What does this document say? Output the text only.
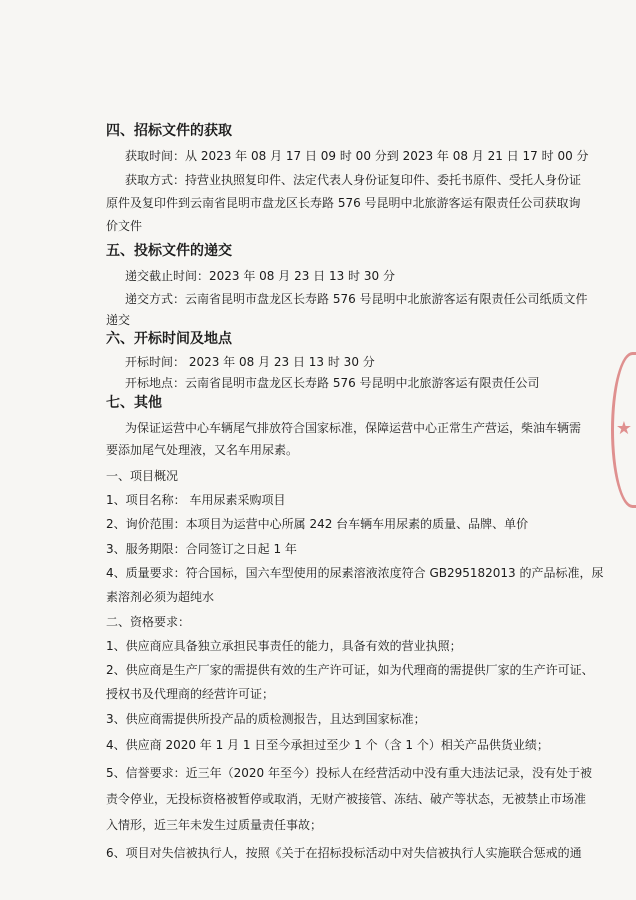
四、招标文件的获取
获取时间：从 2023 年 08 月 17 日 09 时 00 分到 2023 年 08 月 21 日 17 时 00 分
获取方式：持营业执照复印件、法定代表人身份证复印件、委托书原件、受托人身份证
原件及复印件到云南省昆明市盘龙区长寿路 576 号昆明中北旅游客运有限责任公司获取询
价文件
五、投标文件的递交
递交截止时间：2023 年 08 月 23 日 13 时 30 分
递交方式：云南省昆明市盘龙区长寿路 576 号昆明中北旅游客运有限责任公司纸质文件
递交
六、开标时间及地点
开标时间： 2023 年 08 月 23 日 13 时 30 分
开标地点：云南省昆明市盘龙区长寿路 576 号昆明中北旅游客运有限责任公司
七、其他
为保证运营中心车辆尾气排放符合国家标准，保障运营中心正常生产营运，柴油车辆需
要添加尾气处理液，又名车用尿素。
一、项目概况
1、项目名称： 车用尿素采购项目
2、询价范围：本项目为运营中心所属 242 台车辆车用尿素的质量、品牌、单价
3、服务期限：合同签订之日起 1 年
4、质量要求：符合国标，国六车型使用的尿素溶液浓度符合 GB295182013 的产品标准，尿
素溶剂必须为超纯水
二、资格要求：
1、供应商应具备独立承担民事责任的能力，具备有效的营业执照；
2、供应商是生产厂家的需提供有效的生产许可证，如为代理商的需提供厂家的生产许可证、
授权书及代理商的经营许可证；
3、供应商需提供所投产品的质检测报告，且达到国家标准；
4、供应商 2020 年 1 月 1 日至今承担过至少 1 个（含 1 个）相关产品供货业绩；
5、信誉要求：近三年（2020 年至今）投标人在经营活动中没有重大违法记录，没有处于被
责令停业，无投标资格被暂停或取消，无财产被接管、冻结、破产等状态，无被禁止市场准
入情形，近三年未发生过质量责任事故；
6、项目对失信被执行人，按照《关于在招标投标活动中对失信被执行人实施联合惩戒的通
★
